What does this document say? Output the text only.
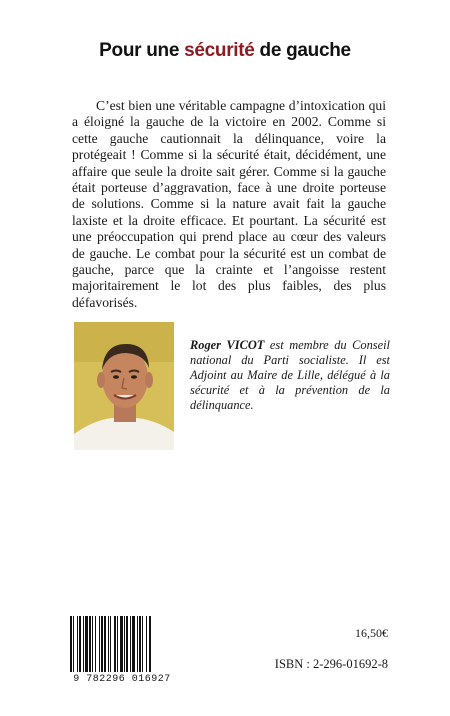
Pour une sécurité de gauche
C’est bien une véritable campagne d’intoxication qui a éloigné la gauche de la victoire en 2002. Comme si cette gauche cautionnait la délinquance, voire la protégeait ! Comme si la sécurité était, décidément, une affaire que seule la droite sait gérer. Comme si la gauche était porteuse d’aggravation, face à une droite porteuse de solutions. Comme si la nature avait fait la gauche laxiste et la droite efficace. Et pourtant. La sécurité est une préoccupation qui prend place au cœur des valeurs de gauche. Le combat pour la sécurité est un combat de gauche, parce que la crainte et l’angoisse restent majoritairement le lot des plus faibles, des plus défavorisés.
Roger VICOT est membre du Conseil national du Parti socialiste. Il est Adjoint au Maire de Lille, délégué à la sécurité et à la prévention de la délinquance.
9 782296 016927
16,50€
ISBN : 2-296-01692-8
